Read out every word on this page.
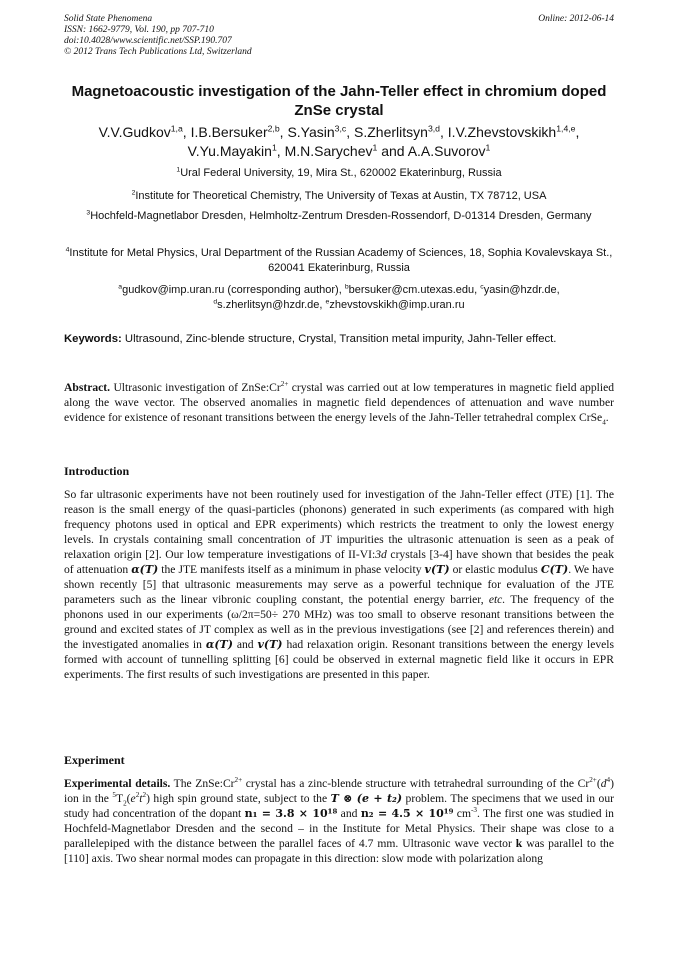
Solid State Phenomena
ISSN: 1662-9779, Vol. 190, pp 707-710
doi:10.4028/www.scientific.net/SSP.190.707
© 2012 Trans Tech Publications Ltd, Switzerland
Online: 2012-06-14
Magnetoacoustic investigation of the Jahn-Teller effect in chromium doped ZnSe crystal
V.V.Gudkov$^{1,a}$, I.B.Bersuker$^{2,b}$, S.Yasin$^{3,c}$, S.Zherlitsyn$^{3,d}$, I.V.Zhevstovskikh$^{1,4,e}$, V.Yu.Mayakin$^1$, M.N.Sarychev$^1$ and A.A.Suvorov$^1$
$^1$Ural Federal University, 19, Mira St., 620002 Ekaterinburg, Russia
$^2$Institute for Theoretical Chemistry, The University of Texas at Austin, TX 78712, USA
$^3$Hochfeld-Magnetlabor Dresden, Helmholtz-Zentrum Dresden-Rossendorf, D-01314 Dresden, Germany
$^4$Institute for Metal Physics, Ural Department of the Russian Academy of Sciences, 18, Sophia Kovalevskaya St., 620041 Ekaterinburg, Russia
$^a$gudkov@imp.uran.ru (corresponding author), $^b$bersuker@cm.utexas.edu, $^c$yasin@hzdr.de, $^d$s.zherlitsyn@hzdr.de, $^e$zhevstovskikh@imp.uran.ru
Keywords: Ultrasound, Zinc-blende structure, Crystal, Transition metal impurity, Jahn-Teller effect.
Abstract. Ultrasonic investigation of $ZnSe:Cr^{2+}$ crystal was carried out at low temperatures in magnetic field applied along the wave vector. The observed anomalies in magnetic field dependences of attenuation and wave number evidence for existence of resonant transitions between the energy levels of the Jahn-Teller tetrahedral complex CrSe$_4$.
Introduction
So far ultrasonic experiments have not been routinely used for investigation of the Jahn-Teller effect (JTE) [1]. The reason is the small energy of the quasi-particles (phonons) generated in such experiments (as compared with high frequency photons used in optical and EPR experiments) which restricts the treatment to only the lowest energy levels. In crystals containing small concentration of JT impurities the ultrasonic attenuation is seen as a peak of relaxation origin [2]. Our low temperature investigations of II-VI:3d crystals [3-4] have shown that besides the peak of attenuation α(T) the JTE manifests itself as a minimum in phase velocity v(T) or elastic modulus C(T). We have shown recently [5] that ultrasonic measurements may serve as a powerful technique for evaluation of the JTE parameters such as the linear vibronic coupling constant, the potential energy barrier, etc. The frequency of the phonons used in our experiments (ω/2π=50÷ 270 MHz) was too small to observe resonant transitions between the ground and excited states of JT complex as well as in the previous investigations (see [2] and references therein) and the investigated anomalies in α(T) and v(T) had relaxation origin. Resonant transitions between the energy levels formed with account of tunnelling splitting [6] could be observed in external magnetic field like it occurs in EPR experiments. The first results of such investigations are presented in this paper.
Experiment
Experimental details. The $ZnSe:Cr^{2+}$ crystal has a zinc-blende structure with tetrahedral surrounding of the $Cr^{2+}(d^4)$ ion in the $^5T_2(e^2t^2)$ high spin ground state, subject to the T ⊗ (e + t₂) problem. The specimens that we used in our study had concentration of the dopant n₁ = 3.8 × 10¹⁸ and n₂ = 4.5 × 10¹⁹ $cm^{-3}$. The first one was studied in Hochfeld-Magnetlabor Dresden and the second – in the Institute for Metal Physics. Their shape was close to a parallelepiped with the distance between the parallel faces of 4.7 mm. Ultrasonic wave vector k was parallel to the [110] axis. Two shear normal modes can propagate in this direction: slow mode with polarization along
